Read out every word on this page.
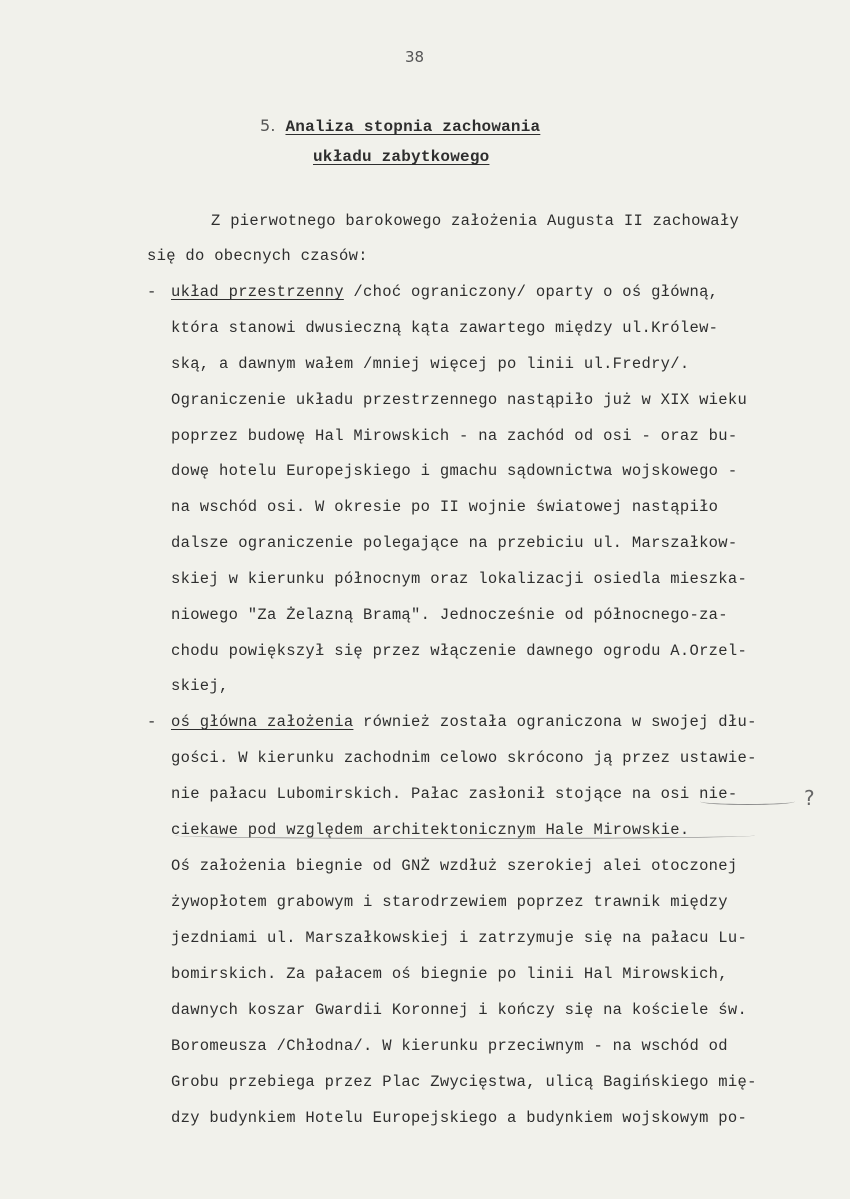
38
5. Analiza stopnia zachowania
układu zabytkowego
Z pierwotnego barokowego założenia Augusta II zachowały
się do obecnych czasów:
- układ przestrzenny /choć ograniczony/ oparty o oś główną,
która stanowi dwusieczną kąta zawartego między ul.Królew-
ską, a dawnym wałem /mniej więcej po linii ul.Fredry/.
Ograniczenie układu przestrzennego nastąpiło już w XIX wieku
poprzez budowę Hal Mirowskich - na zachód od osi - oraz bu-
dowę hotelu Europejskiego i gmachu sądownictwa wojskowego -
na wschód osi. W okresie po II wojnie światowej nastąpiło
dalsze ograniczenie polegające na przebiciu ul. Marszałkow-
skiej w kierunku północnym oraz lokalizacji osiedla mieszka-
niowego "Za Żelazną Bramą". Jednocześnie od północnego-za-
chodu powiększył się przez włączenie dawnego ogrodu A.Orzel-
skiej,
- oś główna założenia również została ograniczona w swojej dłu-
gości. W kierunku zachodnim celowo skrócono ją przez ustawie-
nie pałacu Lubomirskich. Pałac zasłonił stojące na osi nie-
ciekawe pod względem architektonicznym Hale Mirowskie.
Oś założenia biegnie od GNŻ wzdłuż szerokiej alei otoczonej
żywopłotem grabowym i starodrzewiem poprzez trawnik między
jezdniami ul. Marszałkowskiej i zatrzymuje się na pałacu Lu-
bomirskich. Za pałacem oś biegnie po linii Hal Mirowskich,
dawnych koszar Gwardii Koronnej i kończy się na kościele św.
Boromeusza /Chłodna/. W kierunku przeciwnym - na wschód od
Grobu przebiega przez Plac Zwycięstwa, ulicą Bagińskiego mię-
dzy budynkiem Hotelu Europejskiego a budynkiem wojskowym po-
?
